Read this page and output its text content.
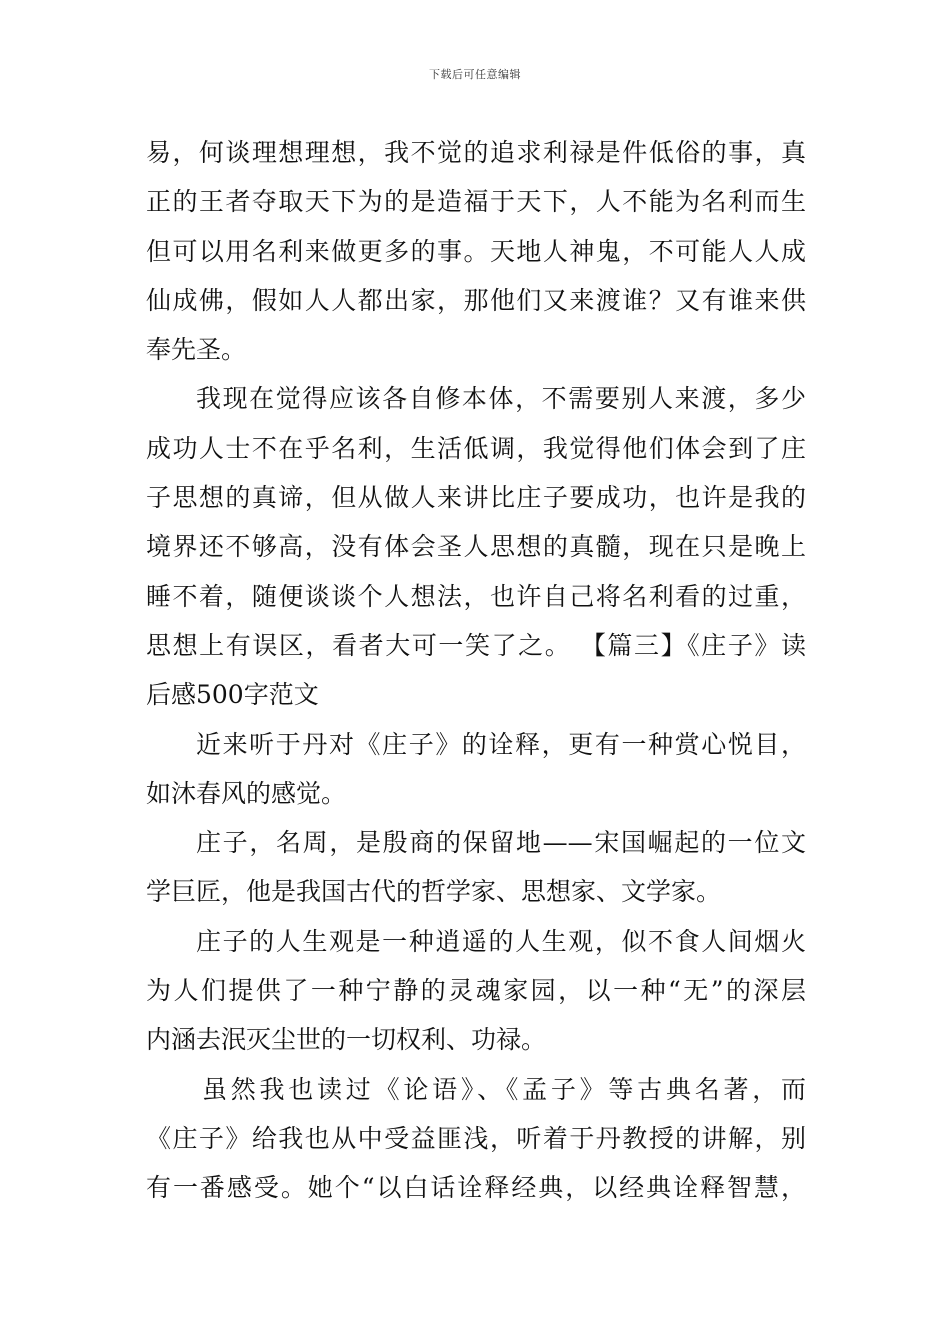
下载后可任意编辑
易，何谈理想理想，我不觉的追求利禄是件低俗的事，真
正的王者夺取天下为的是造福于天下，人不能为名利而生
但可以用名利来做更多的事。天地人神鬼，不可能人人成
仙成佛，假如人人都出家，那他们又来渡谁？又有谁来供
奉先圣。
我现在觉得应该各自修本体，不需要别人来渡，多少
成功人士不在乎名利，生活低调，我觉得他们体会到了庄
子思想的真谛，但从做人来讲比庄子要成功，也许是我的
境界还不够高，没有体会圣人思想的真髓，现在只是晚上
睡不着，随便谈谈个人想法，也许自己将名利看的过重，
思想上有误区，看者大可一笑了之。 【篇三】《庄子》读
后感500字范文
近来听于丹对《庄子》的诠释，更有一种赏心悦目，
如沐春风的感觉。
庄子，名周，是殷商的保留地——宋国崛起的一位文
学巨匠，他是我国古代的哲学家、思想家、文学家。
庄子的人生观是一种逍遥的人生观，似不食人间烟火
为人们提供了一种宁静的灵魂家园，以一种“无”的深层
内涵去泯灭尘世的一切权利、功禄。
虽然我也读过《论语》、《孟子》等古典名著，而
《庄子》给我也从中受益匪浅，听着于丹教授的讲解，别
有一番感受。她个“以白话诠释经典，以经典诠释智慧，
